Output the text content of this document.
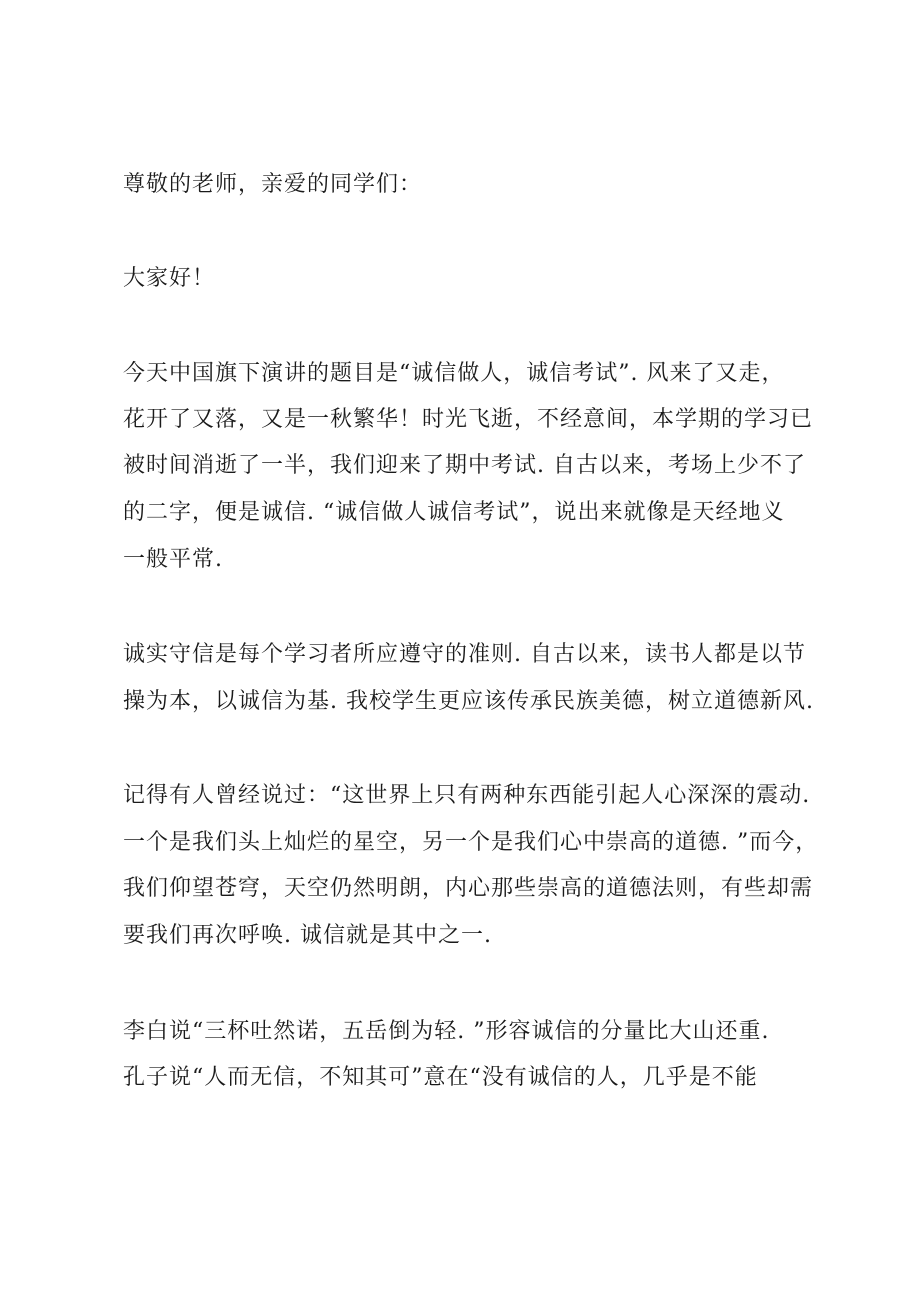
尊敬的老师，亲爱的同学们：
大家好！
今天中国旗下演讲的题目是“诚信做人，诚信考试”. 风来了又走，
花开了又落，又是一秋繁华！时光飞逝，不经意间，本学期的学习已
被时间消逝了一半，我们迎来了期中考试. 自古以来，考场上少不了
的二字，便是诚信. “诚信做人诚信考试”，说出来就像是天经地义
一般平常.
诚实守信是每个学习者所应遵守的准则. 自古以来，读书人都是以节
操为本，以诚信为基. 我校学生更应该传承民族美德，树立道德新风.
记得有人曾经说过：“这世界上只有两种东西能引起人心深深的震动.
一个是我们头上灿烂的星空，另一个是我们心中崇高的道德. ”而今，
我们仰望苍穹，天空仍然明朗，内心那些崇高的道德法则，有些却需
要我们再次呼唤. 诚信就是其中之一.
李白说“三杯吐然诺，五岳倒为轻. ”形容诚信的分量比大山还重.
孔子说“人而无信，不知其可”意在“没有诚信的人，几乎是不能
